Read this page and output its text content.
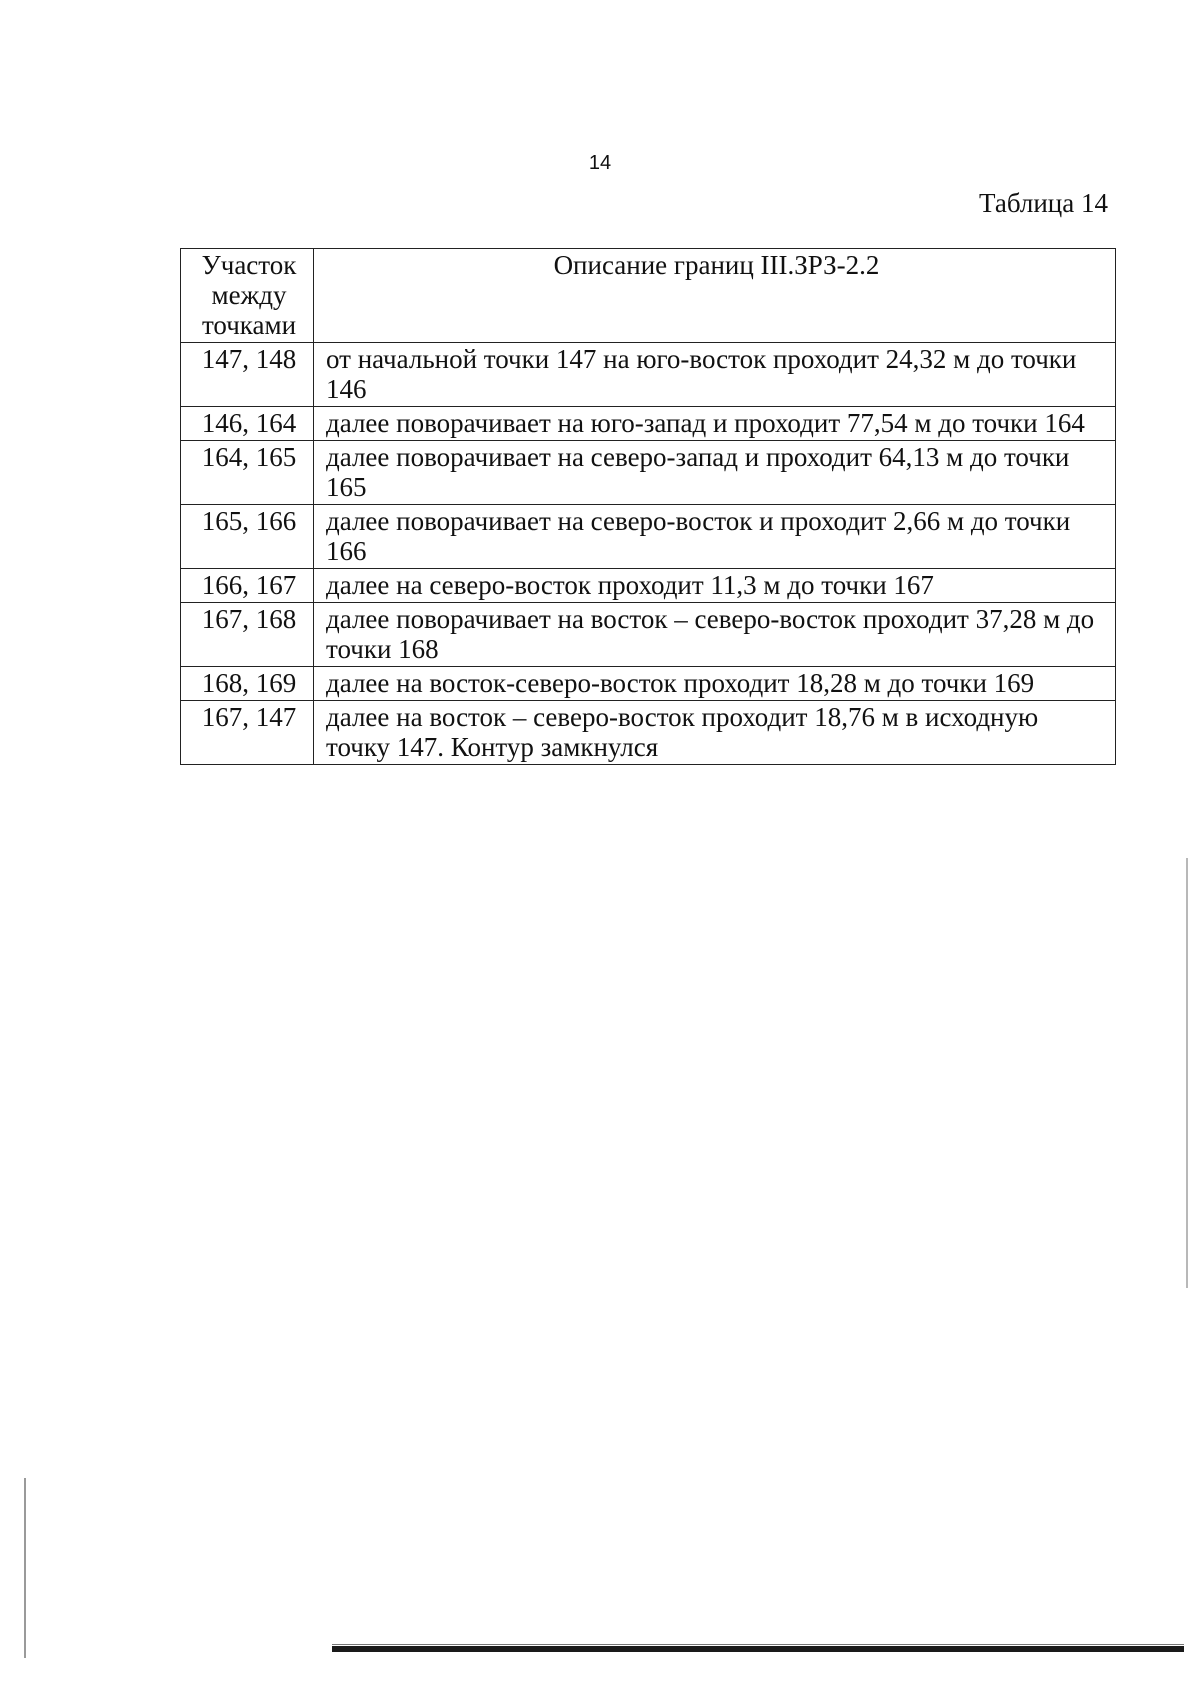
14
Таблица 14
Участок между точками	Описание границ III.ЗРЗ-2.2
147, 148	от начальной точки 147 на юго-восток проходит 24,32 м до точки 146
146, 164	далее поворачивает на юго-запад и проходит 77,54 м до точки 164
164, 165	далее поворачивает на северо-запад и проходит 64,13 м до точки 165
165, 166	далее поворачивает на северо-восток и проходит 2,66 м до точки 166
166, 167	далее на северо-восток проходит 11,3 м до точки 167
167, 168	далее поворачивает на восток – северо-восток проходит 37,28 м до точки 168
168, 169	далее на восток-северо-восток проходит 18,28 м до точки 169
167, 147	далее на восток – северо-восток проходит 18,76 м в исходную точку 147. Контур замкнулся
